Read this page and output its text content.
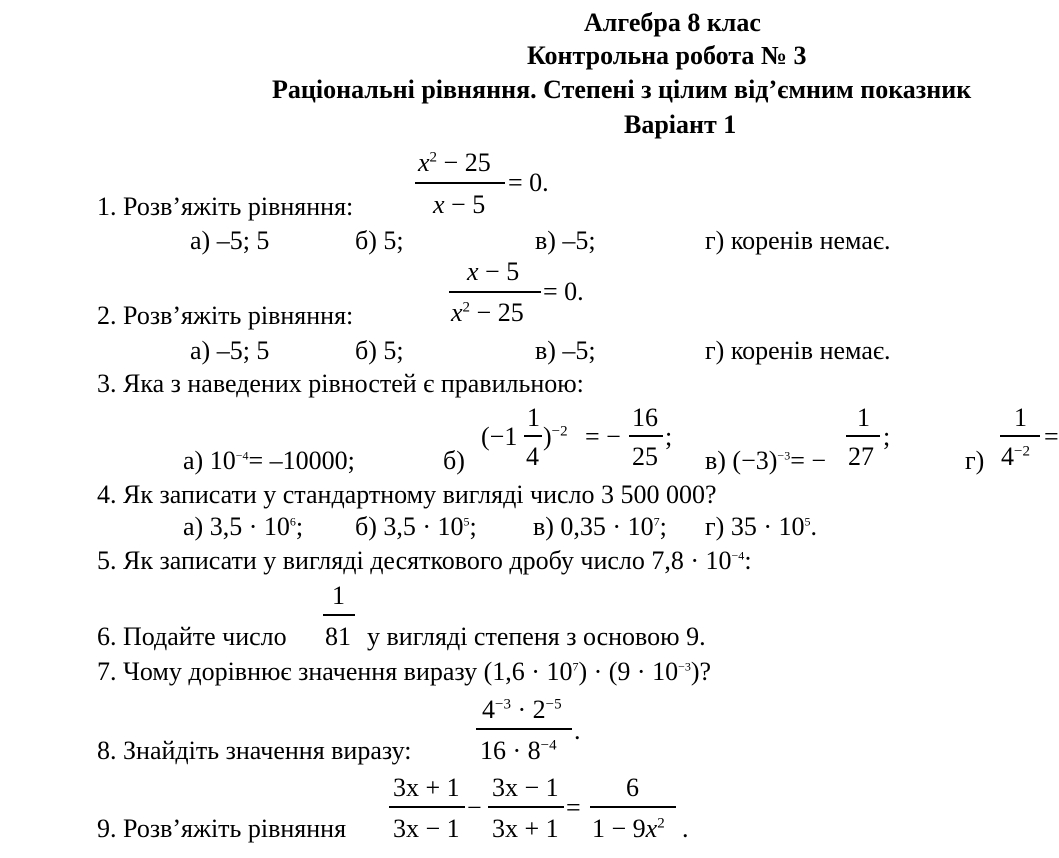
Алгебра 8 клас
Контрольна робота № 3
Раціональні рівняння. Степені з цілим від’ємним показник
Варіант 1
1. Розв’яжіть рівняння:
$x^2 - 25$
x − 5
= 0.
а) –5; 5	б) 5;	в) –5;	г) коренів немає.
2. Розв’яжіть рівняння:
x − 5
$x^2 - 25$
= 0.
а) –5; 5	б) 5;	в) –5;	г) коренів немає.
3. Яка з наведених рівностей є правильною:
а) $10^{-4}= -10000$;	б)
(−1
1
4
)$^{-2}$ = −
16
25
;
в) $(-3)^{-3}=$ −
1
27
;
г)
1
$4^{-2}$
=
4. Як записати у стандартному вигляді число 3 500 000?
а) $3,5 \cdot 10^6$; б) $3,5 \cdot 10^5$; в) $0,35 \cdot 10^7$; г) $35 \cdot 10^5$.
5. Як записати у вигляді десяткового дробу число $7,8 \cdot 10^{-4}$:
6. Подайте число
1
81 у вигляді степеня з основою 9.
7. Чому дорівнює значення виразу $(1,6 \cdot 10^7) \cdot (9 \cdot 10^{-3})$?
8. Знайдіть значення виразу:
$4^{-3} \cdot 2^{-5}$
$16 \cdot 8^{-4}$
.
9. Розв’яжіть рівняння
3x + 1
3x − 1
−
3x − 1
3x + 1
=
6
$1 - 9x^2$ .
